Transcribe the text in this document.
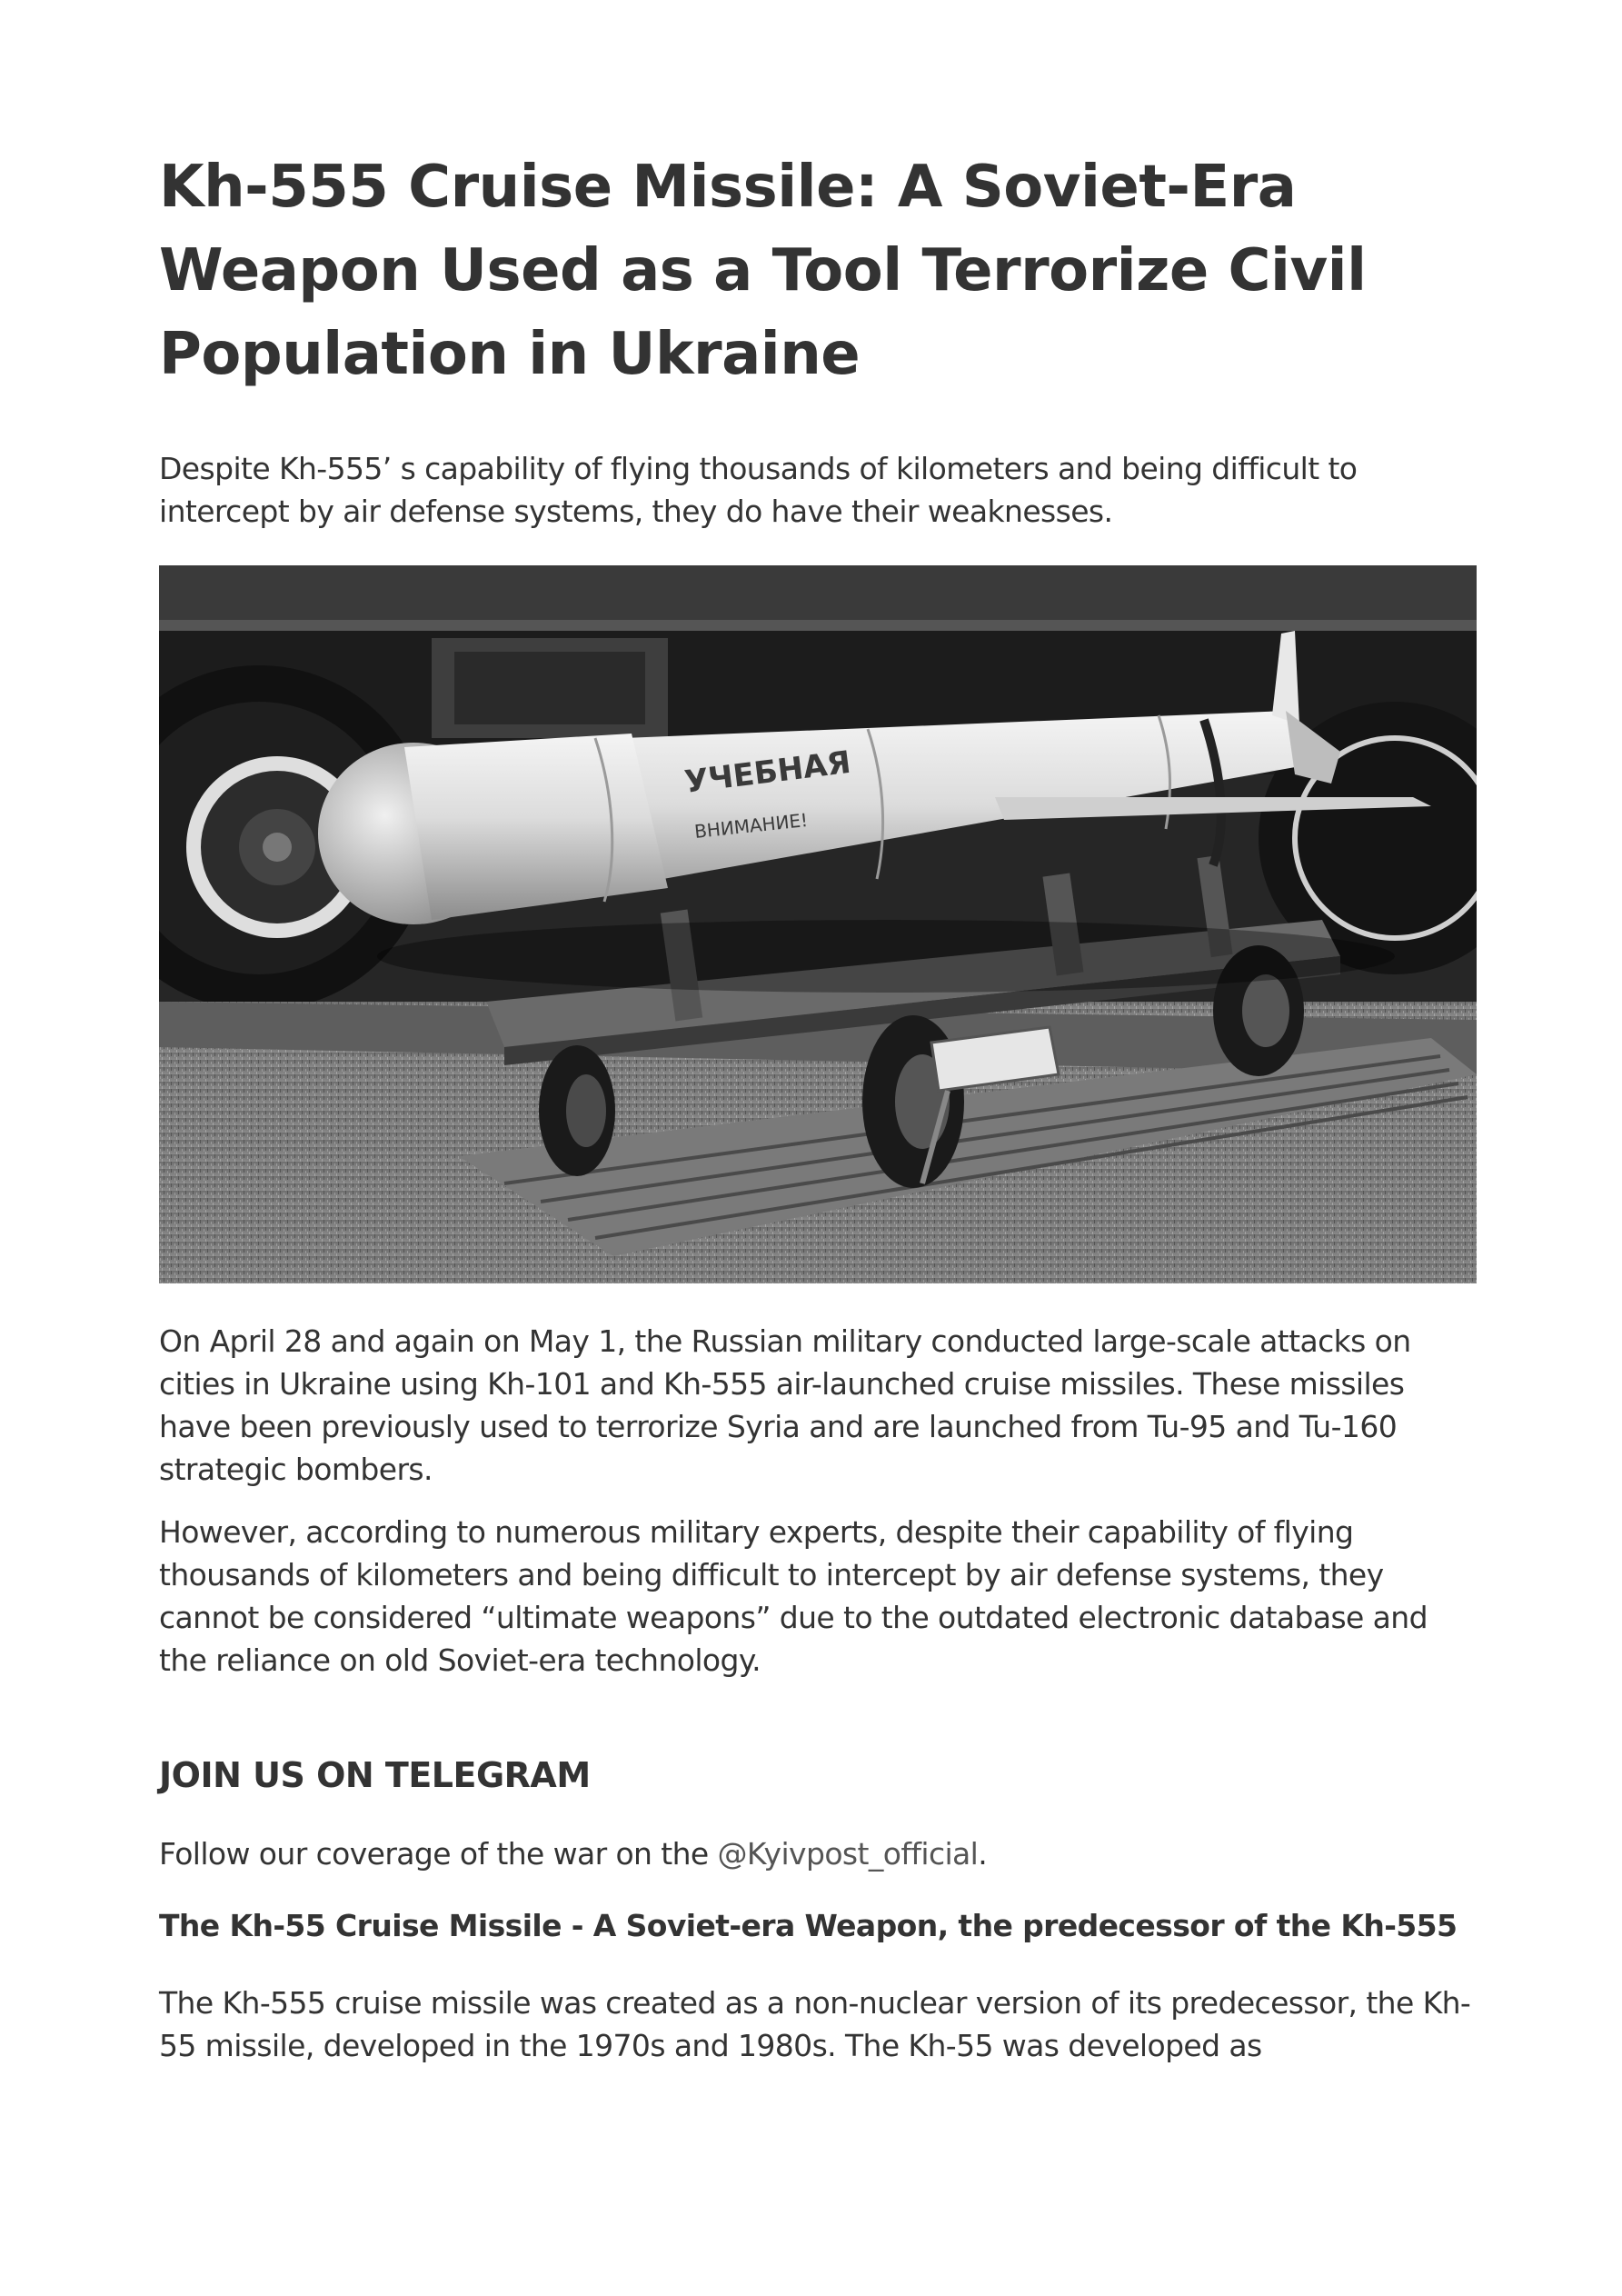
Kh-555 Cruise Missile: A Soviet-Era Weapon Used as a Tool Terrorize Civil Population in Ukraine

Despite Kh-555’ s capability of flying thousands of kilometers and being difficult to intercept by air defense systems, they do have their weaknesses.

УЧЕБНАЯ
ВНИМАНИЕ!

On April 28 and again on May 1, the Russian military conducted large-scale attacks on cities in Ukraine using Kh-101 and Kh-555 air-launched cruise missiles. These missiles have been previously used to terrorize Syria and are launched from Tu-95 and Tu-160 strategic bombers.

However, according to numerous military experts, despite their capability of flying thousands of kilometers and being difficult to intercept by air defense systems, they cannot be considered “ultimate weapons” due to the outdated electronic database and the reliance on old Soviet-era technology.

JOIN US ON TELEGRAM

Follow our coverage of the war on the @Kyivpost_official.

The Kh-55 Cruise Missile - A Soviet-era Weapon, the predecessor of the Kh-555

The Kh-555 cruise missile was created as a non-nuclear version of its predecessor, the Kh-55 missile, developed in the 1970s and 1980s. The Kh-55 was developed as
